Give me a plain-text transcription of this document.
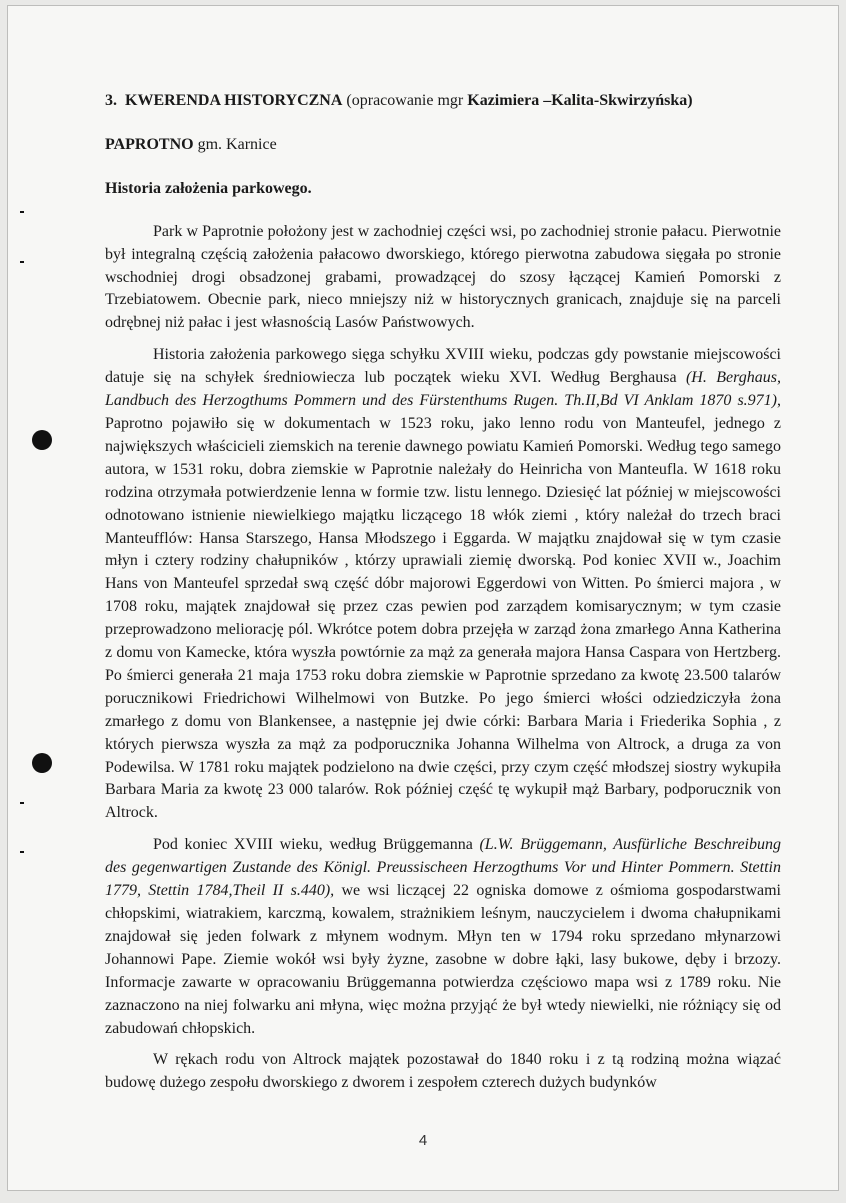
3. KWERENDA HISTORYCZNA (opracowanie mgr Kazimiera –Kalita-Skwirzyńska)
PAPROTNO gm. Karnice
Historia założenia parkowego.

Park w Paprotnie położony jest w zachodniej części wsi, po zachodniej stronie pałacu. Pierwotnie był integralną częścią założenia pałacowo dworskiego, którego pierwotna zabudowa sięgała po stronie wschodniej drogi obsadzonej grabami, prowadzącej do szosy łączącej Kamień Pomorski z Trzebiatowem. Obecnie park, nieco mniejszy niż w historycznych granicach, znajduje się na parceli odrębnej niż pałac i jest własnością Lasów Państwowych.

Historia założenia parkowego sięga schyłku XVIII wieku, podczas gdy powstanie miejscowości datuje się na schyłek średniowiecza lub początek wieku XVI. Według Berghausa (H. Berghaus, Landbuch des Herzogthums Pommern und des Fürstenthums Rugen. Th.II,Bd VI Anklam 1870 s.971), Paprotno pojawiło się w dokumentach w 1523 roku, jako lenno rodu von Manteufel, jednego z największych właścicieli ziemskich na terenie dawnego powiatu Kamień Pomorski. Według tego samego autora, w 1531 roku, dobra ziemskie w Paprotnie należały do Heinricha von Manteufla. W 1618 roku rodzina otrzymała potwierdzenie lenna w formie tzw. listu lennego. Dziesięć lat później w miejscowości odnotowano istnienie niewielkiego majątku liczącego 18 włók ziemi , który należał do trzech braci Manteufflów: Hansa Starszego, Hansa Młodszego i Eggarda. W majątku znajdował się w tym czasie młyn i cztery rodziny chałupników , którzy uprawiali ziemię dworską. Pod koniec XVII w., Joachim Hans von Manteufel sprzedał swą część dóbr majorowi Eggerdowi von Witten. Po śmierci majora , w 1708 roku, majątek znajdował się przez czas pewien pod zarządem komisarycznym; w tym czasie przeprowadzono meliorację pól. Wkrótce potem dobra przejęła w zarząd żona zmarłego Anna Katherina z domu von Kamecke, która wyszła powtórnie za mąż za generała majora Hansa Caspara von Hertzberg. Po śmierci generała 21 maja 1753 roku dobra ziemskie w Paprotnie sprzedano za kwotę 23.500 talarów porucznikowi Friedrichowi Wilhelmowi von Butzke. Po jego śmierci włości odziedziczyła żona zmarłego z domu von Blankensee, a następnie jej dwie córki: Barbara Maria i Friederika Sophia , z których pierwsza wyszła za mąż za podporucznika Johanna Wilhelma von Altrock, a druga za von Podewilsa. W 1781 roku majątek podzielono na dwie części, przy czym część młodszej siostry wykupiła Barbara Maria za kwotę 23 000 talarów. Rok później część tę wykupił mąż Barbary, podporucznik von Altrock.

Pod koniec XVIII wieku, według Brüggemanna (L.W. Brüggemann, Ausfürliche Beschreibung des gegenwartigen Zustande des Königl. Preussischeen Herzogthums Vor und Hinter Pommern. Stettin 1779, Stettin 1784,Theil II s.440), we wsi liczącej 22 ogniska domowe z ośmioma gospodarstwami chłopskimi, wiatrakiem, karczmą, kowalem, strażnikiem leśnym, nauczycielem i dwoma chałupnikami znajdował się jeden folwark z młynem wodnym. Młyn ten w 1794 roku sprzedano młynarzowi Johannowi Pape. Ziemie wokół wsi były żyzne, zasobne w dobre łąki, lasy bukowe, dęby i brzozy. Informacje zawarte w opracowaniu Brüggemanna potwierdza częściowo mapa wsi z 1789 roku. Nie zaznaczono na niej folwarku ani młyna, więc można przyjąć że był wtedy niewielki, nie różniący się od zabudowań chłopskich.

W rękach rodu von Altrock majątek pozostawał do 1840 roku i z tą rodziną można wiązać budowę dużego zespołu dworskiego z dworem i zespołem czterech dużych budynków

4
